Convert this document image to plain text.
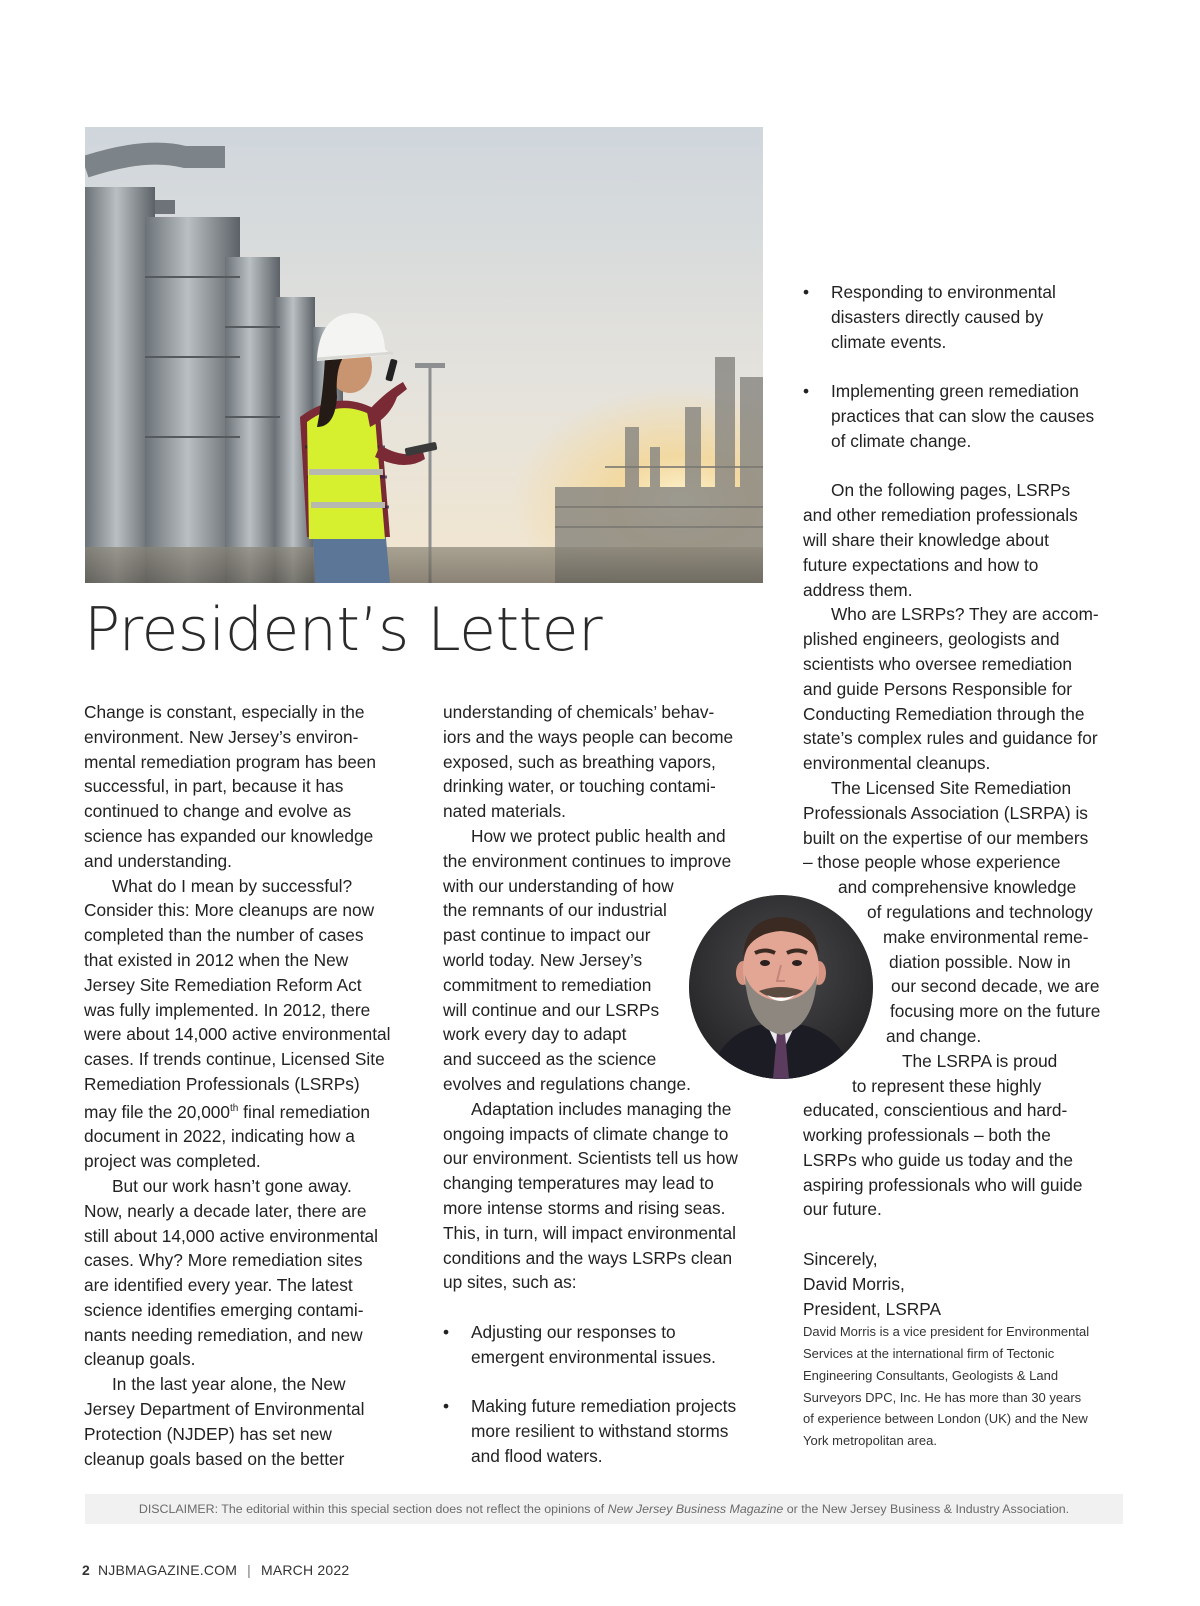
President’s Letter

Change is constant, especially in the
environment. New Jersey’s environ-
mental remediation program has been
successful, in part, because it has
continued to change and evolve as
science has expanded our knowledge
and understanding.

What do I mean by successful?
Consider this: More cleanups are now
completed than the number of cases
that existed in 2012 when the New
Jersey Site Remediation Reform Act
was fully implemented. In 2012, there
were about 14,000 active environmental
cases. If trends continue, Licensed Site
Remediation Professionals (LSRPs)
may file the 20,000th final remediation
document in 2022, indicating how a
project was completed.

But our work hasn’t gone away.
Now, nearly a decade later, there are
still about 14,000 active environmental
cases. Why? More remediation sites
are identified every year. The latest
science identifies emerging contami-
nants needing remediation, and new
cleanup goals.

In the last year alone, the New
Jersey Department of Environmental
Protection (NJDEP) has set new
cleanup goals based on the better

understanding of chemicals’ behav-
iors and the ways people can become
exposed, such as breathing vapors,
drinking water, or touching contami-
nated materials.

How we protect public health and
the environment continues to improve
with our understanding of how
the remnants of our industrial
past continue to impact our
world today. New Jersey’s
commitment to remediation
will continue and our LSRPs
work every day to adapt
and succeed as the science
evolves and regulations change.

Adaptation includes managing the
ongoing impacts of climate change to
our environment. Scientists tell us how
changing temperatures may lead to
more intense storms and rising seas.
This, in turn, will impact environmental
conditions and the ways LSRPs clean
up sites, such as:

• Adjusting our responses to
emergent environmental issues.
• Making future remediation projects
more resilient to withstand storms
and flood waters.
• Responding to environmental
disasters directly caused by
climate events.
• Implementing green remediation
practices that can slow the causes
of climate change.

On the following pages, LSRPs
and other remediation professionals
will share their knowledge about
future expectations and how to
address them.

Who are LSRPs? They are accom-
plished engineers, geologists and
scientists who oversee remediation
and guide Persons Responsible for
Conducting Remediation through the
state’s complex rules and guidance for
environmental cleanups.

The Licensed Site Remediation
Professionals Association (LSRPA) is
built on the expertise of our members
– those people whose experience
and comprehensive knowledge
of regulations and technology
make environmental reme-
diation possible. Now in
our second decade, we are
focusing more on the future
and change.

The LSRPA is proud
to represent these highly
educated, conscientious and hard-
working professionals – both the
LSRPs who guide us today and the
aspiring professionals who will guide
our future.

Sincerely,
David Morris,
President, LSRPA

David Morris is a vice president for Environmental
Services at the international firm of Tectonic
Engineering Consultants, Geologists & Land
Surveyors DPC, Inc. He has more than 30 years
of experience between London (UK) and the New
York metropolitan area.

DISCLAIMER: The editorial within this special section does not reflect the opinions of New Jersey Business Magazine or the New Jersey Business & Industry Association.
2 NJBMAGAZINE.COM | MARCH 2022
